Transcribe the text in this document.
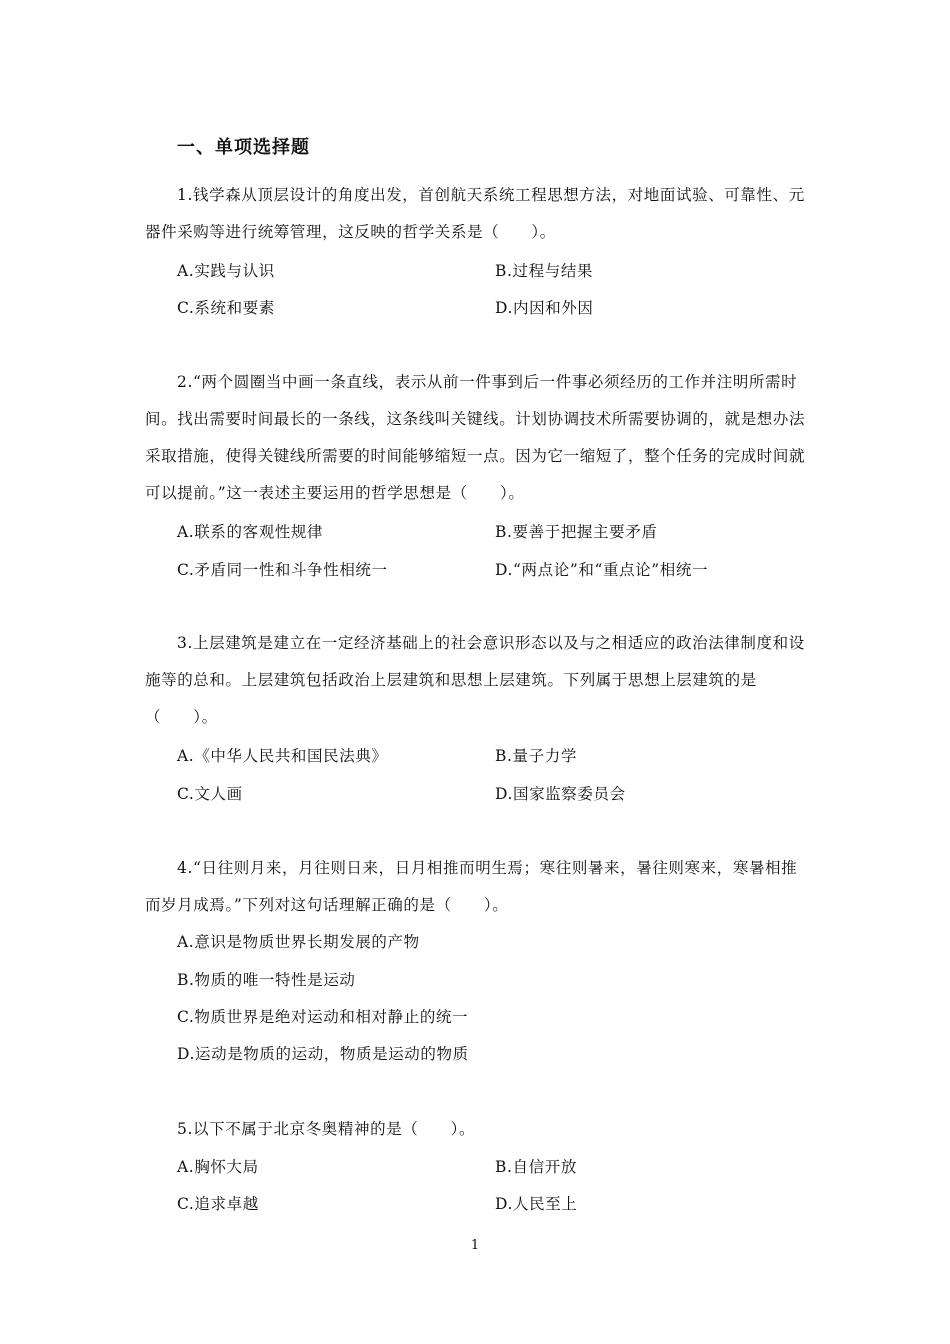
一、单项选择题
1.钱学森从顶层设计的角度出发，首创航天系统工程思想方法，对地面试验、可靠性、元器件采购等进行统筹管理，这反映的哲学关系是（　　）。
A.实践与认识	B.过程与结果
C.系统和要素	D.内因和外因
2.“两个圆圈当中画一条直线，表示从前一件事到后一件事必须经历的工作并注明所需时间。找出需要时间最长的一条线，这条线叫关键线。计划协调技术所需要协调的，就是想办法采取措施，使得关键线所需要的时间能够缩短一点。因为它一缩短了，整个任务的完成时间就可以提前。”这一表述主要运用的哲学思想是（　　）。
A.联系的客观性规律	B.要善于把握主要矛盾
C.矛盾同一性和斗争性相统一	D.“两点论”和“重点论”相统一
3.上层建筑是建立在一定经济基础上的社会意识形态以及与之相适应的政治法律制度和设施等的总和。上层建筑包括政治上层建筑和思想上层建筑。下列属于思想上层建筑的是（　　）。
A.《中华人民共和国民法典》	B.量子力学
C.文人画	D.国家监察委员会
4.“日往则月来，月往则日来，日月相推而明生焉；寒往则暑来，暑往则寒来，寒暑相推而岁月成焉。”下列对这句话理解正确的是（　　）。
A.意识是物质世界长期发展的产物
B.物质的唯一特性是运动
C.物质世界是绝对运动和相对静止的统一
D.运动是物质的运动，物质是运动的物质
5.以下不属于北京冬奥精神的是（　　）。
A.胸怀大局	B.自信开放
C.追求卓越	D.人民至上
1
